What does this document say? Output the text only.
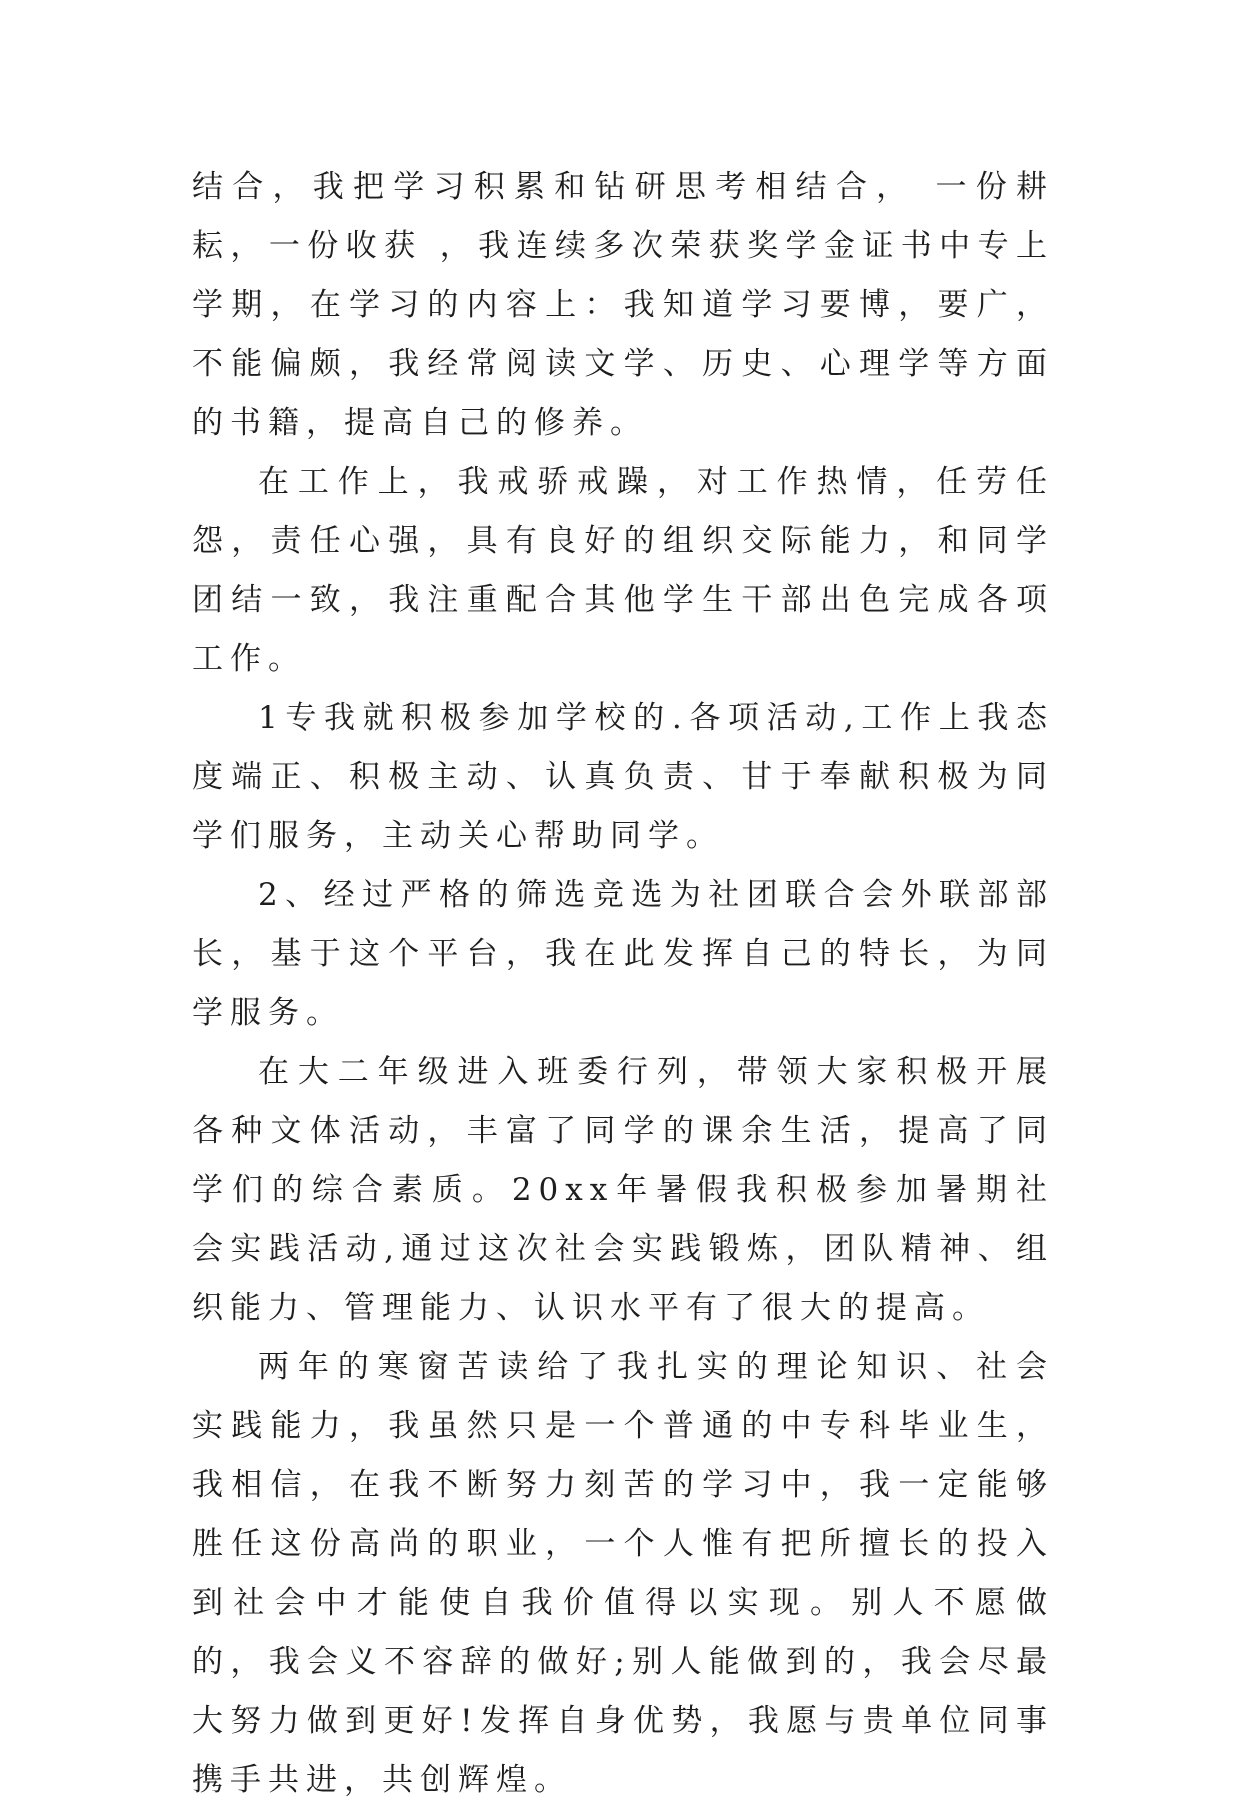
结合，我把学习积累和钻研思考相结合， 一份耕耘，一份收获 ，我连续多次荣获奖学金证书中专上学期，在学习的内容上：我知道学习要博，要广，不能偏颇，我经常阅读文学、历史、心理学等方面的书籍，提高自己的修养。

在工作上，我戒骄戒躁，对工作热情，任劳任怨，责任心强，具有良好的组织交际能力，和同学团结一致，我注重配合其他学生干部出色完成各项工作。

1专我就积极参加学校的.各项活动,工作上我态度端正、积极主动、认真负责、甘于奉献积极为同学们服务，主动关心帮助同学。

2、经过严格的筛选竞选为社团联合会外联部部长，基于这个平台，我在此发挥自己的特长，为同学服务。

在大二年级进入班委行列，带领大家积极开展各种文体活动，丰富了同学的课余生活，提高了同学们的综合素质。20xx年暑假我积极参加暑期社会实践活动,通过这次社会实践锻炼，团队精神、组织能力、管理能力、认识水平有了很大的提高。

两年的寒窗苦读给了我扎实的理论知识、社会实践能力，我虽然只是一个普通的中专科毕业生，我相信，在我不断努力刻苦的学习中，我一定能够胜任这份高尚的职业，一个人惟有把所擅长的投入到社会中才能使自我价值得以实现。别人不愿做的，我会义不容辞的做好;别人能做到的，我会尽最大努力做到更好!发挥自身优势，我愿与贵单位同事携手共进，共创辉煌。
